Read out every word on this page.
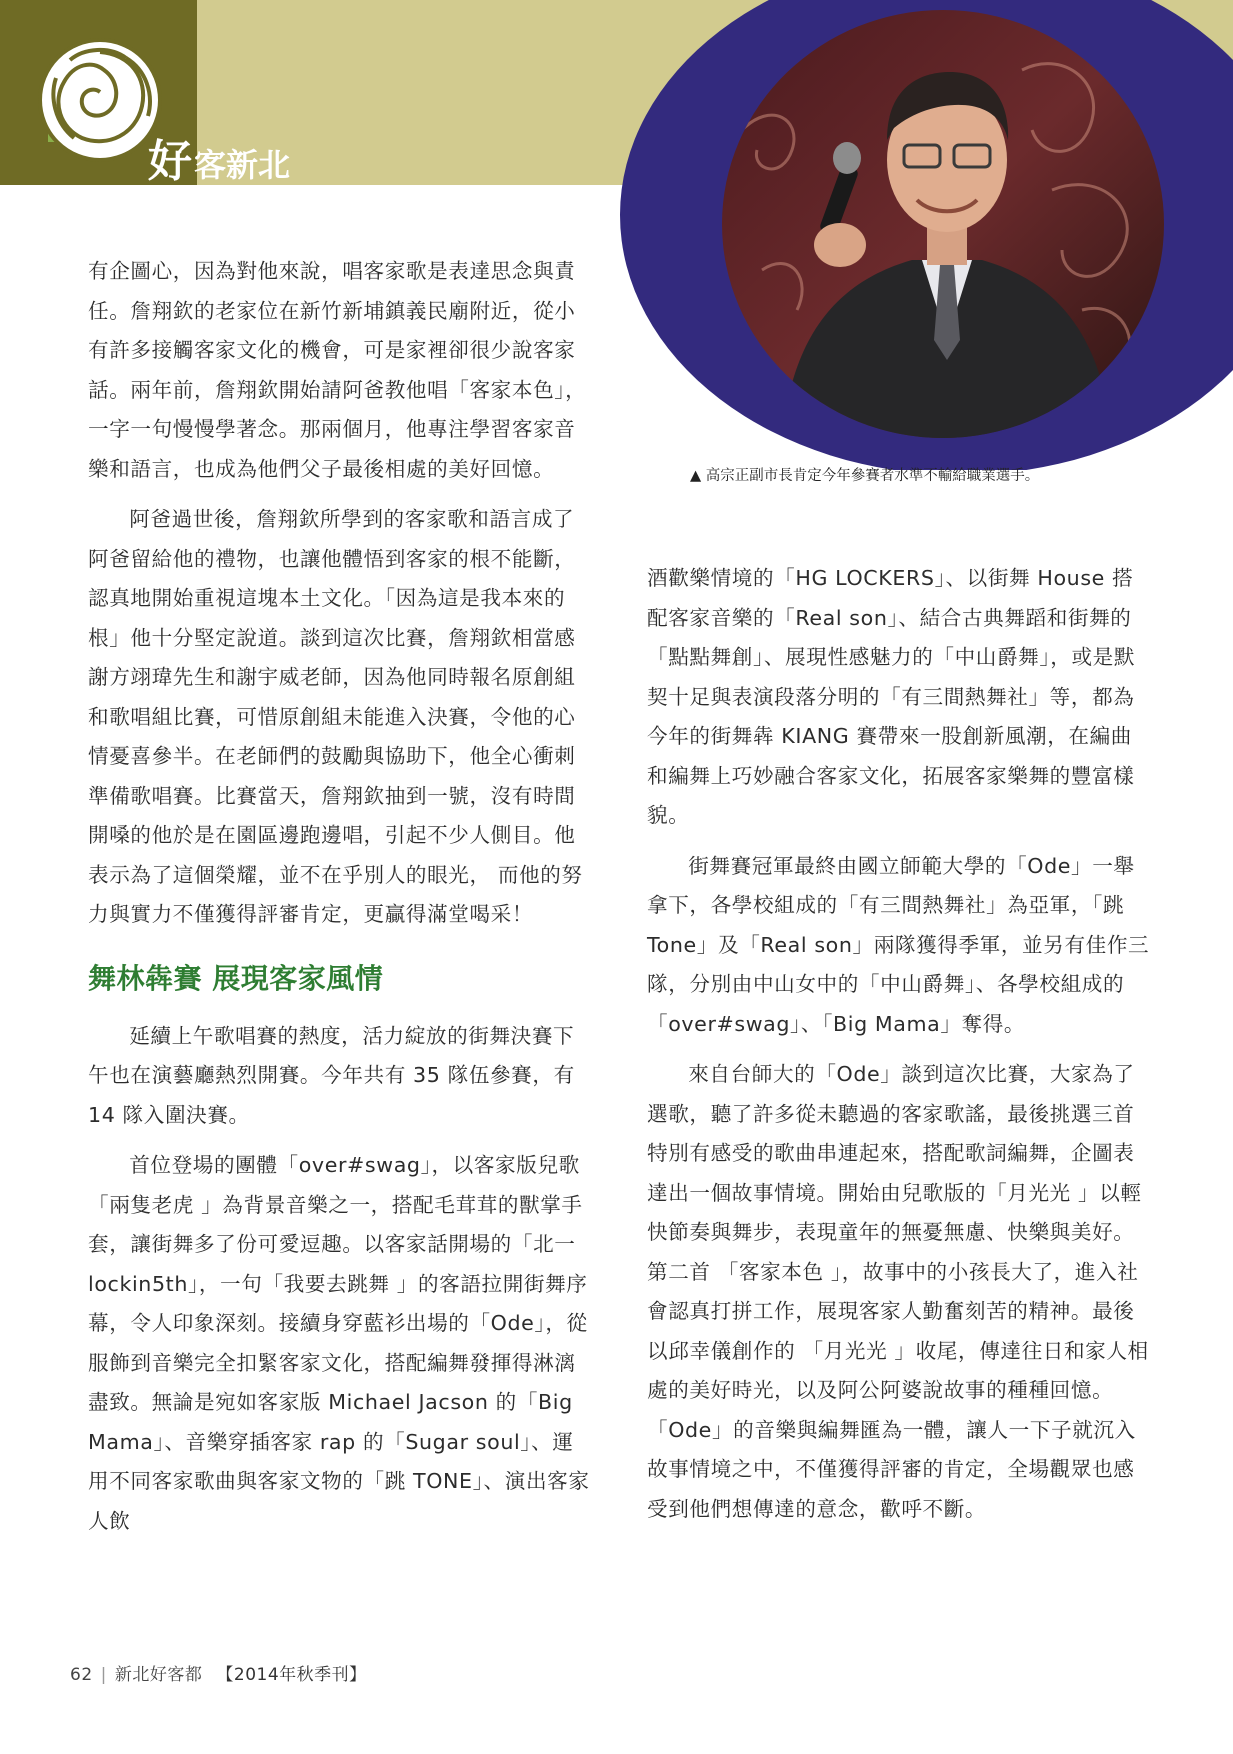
好客新北
▲ 高宗正副市長肯定今年參賽者水準不輸給職業選手。

有企圖心，因為對他來說，唱客家歌是表達思念與責任。詹翔欽的老家位在新竹新埔鎮義民廟附近，從小有許多接觸客家文化的機會，可是家裡卻很少說客家話。兩年前，詹翔欽開始請阿爸教他唱「客家本色」，一字一句慢慢學著念。那兩個月，他專注學習客家音樂和語言，也成為他們父子最後相處的美好回憶。

阿爸過世後，詹翔欽所學到的客家歌和語言成了阿爸留給他的禮物，也讓他體悟到客家的根不能斷，認真地開始重視這塊本土文化。「因為這是我本來的根」他十分堅定說道。談到這次比賽，詹翔欽相當感謝方翊瑋先生和謝宇威老師，因為他同時報名原創組和歌唱組比賽，可惜原創組未能進入決賽，令他的心情憂喜參半。在老師們的鼓勵與協助下，他全心衝刺準備歌唱賽。比賽當天，詹翔欽抽到一號，沒有時間開嗓的他於是在園區邊跑邊唱，引起不少人側目。他表示為了這個榮耀，並不在乎別人的眼光， 而他的努力與實力不僅獲得評審肯定，更贏得滿堂喝采！

舞林犇賽 展現客家風情

延續上午歌唱賽的熱度，活力綻放的街舞決賽下午也在演藝廳熱烈開賽。今年共有 35 隊伍參賽，有 14 隊入圍決賽。

首位登場的團體「over#swag」，以客家版兒歌「兩隻老虎 」為背景音樂之一，搭配毛茸茸的獸掌手套，讓街舞多了份可愛逗趣。以客家話開場的「北一 lockin5th」，一句「我要去跳舞 」的客語拉開街舞序幕，令人印象深刻。接續身穿藍衫出場的「Ode」，從服飾到音樂完全扣緊客家文化，搭配編舞發揮得淋漓盡致。無論是宛如客家版 Michael Jacson 的「Big Mama」、音樂穿插客家 rap 的「Sugar soul」、運用不同客家歌曲與客家文物的「跳 TONE」、演出客家人飲

酒歡樂情境的「HG LOCKERS」、以街舞 House 搭配客家音樂的「Real son」、結合古典舞蹈和街舞的「點點舞創」、展現性感魅力的「中山爵舞」，或是默契十足與表演段落分明的「有三間熱舞社」等，都為今年的街舞犇 KIANG 賽帶來一股創新風潮，在編曲和編舞上巧妙融合客家文化，拓展客家樂舞的豐富樣貌。

街舞賽冠軍最終由國立師範大學的「Ode」一舉拿下，各學校組成的「有三間熱舞社」為亞軍，「跳 Tone」及「Real son」兩隊獲得季軍，並另有佳作三隊，分別由中山女中的「中山爵舞」、各學校組成的「over#swag」、「Big Mama」奪得。

來自台師大的「Ode」談到這次比賽，大家為了選歌，聽了許多從未聽過的客家歌謠，最後挑選三首特別有感受的歌曲串連起來，搭配歌詞編舞，企圖表達出一個故事情境。開始由兒歌版的「月光光 」以輕快節奏與舞步，表現童年的無憂無慮、快樂與美好。第二首 「客家本色 」，故事中的小孩長大了，進入社會認真打拼工作，展現客家人勤奮刻苦的精神。最後以邱幸儀創作的 「月光光 」收尾，傳達往日和家人相處的美好時光，以及阿公阿婆說故事的種種回憶。「Ode」的音樂與編舞匯為一體，讓人一下子就沉入故事情境之中，不僅獲得評審的肯定，全場觀眾也感受到他們想傳達的意念，歡呼不斷。

62 | 新北好客都 【2014年秋季刊】
